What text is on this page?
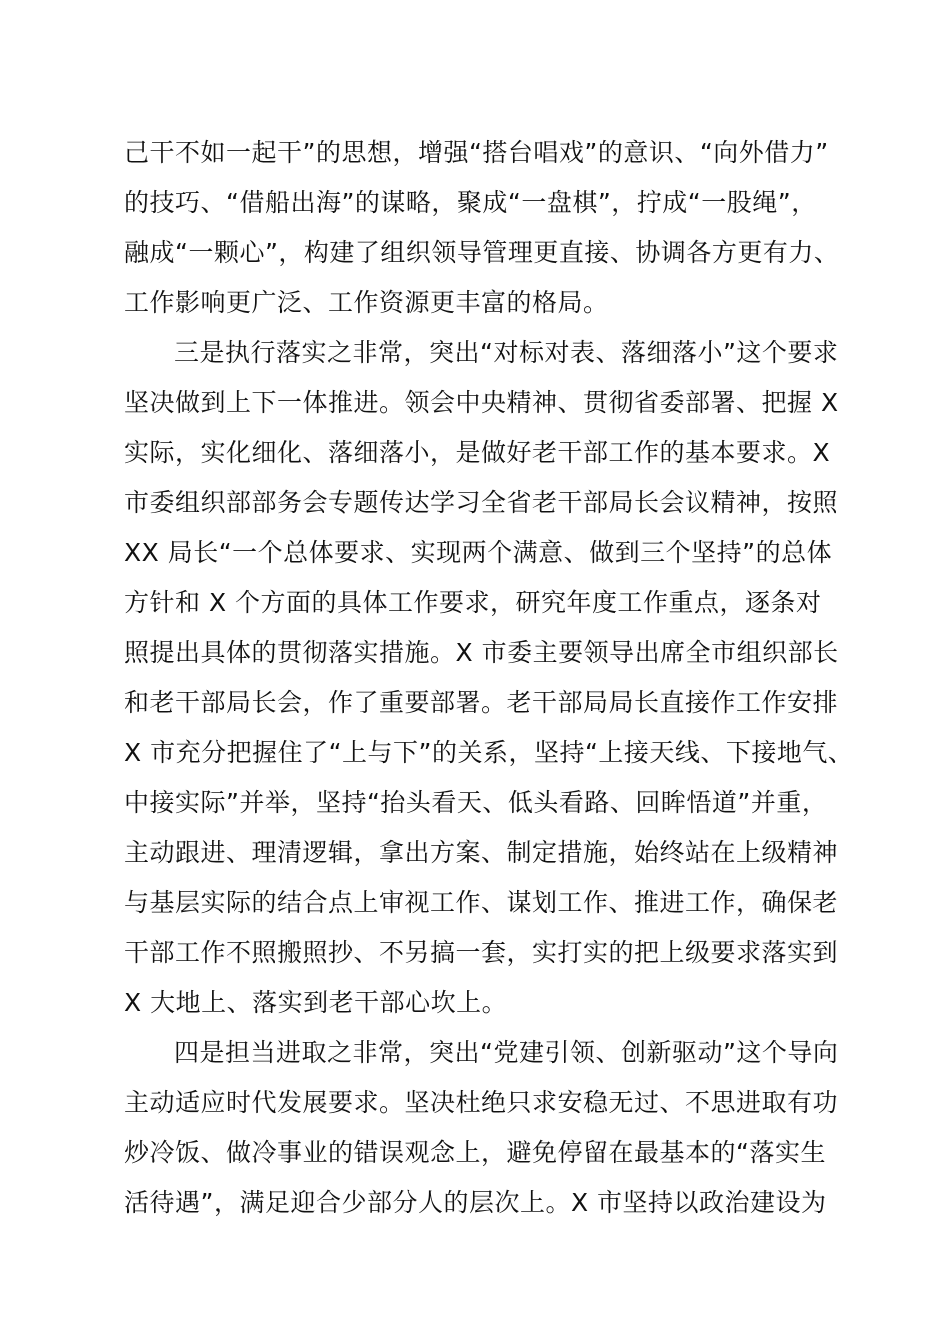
己干不如一起干”的思想，增强“搭台唱戏”的意识、“向外借力”
的技巧、“借船出海”的谋略，聚成“一盘棋”，拧成“一股绳”，
融成“一颗心”，构建了组织领导管理更直接、协调各方更有力、
工作影响更广泛、工作资源更丰富的格局。
三是执行落实之非常，突出“对标对表、落细落小”这个要求
坚决做到上下一体推进。领会中央精神、贯彻省委部署、把握 X
实际，实化细化、落细落小，是做好老干部工作的基本要求。X
市委组织部部务会专题传达学习全省老干部局长会议精神，按照
XX 局长“一个总体要求、实现两个满意、做到三个坚持”的总体
方针和 X 个方面的具体工作要求，研究年度工作重点，逐条对
照提出具体的贯彻落实措施。X 市委主要领导出席全市组织部长
和老干部局长会，作了重要部署。老干部局局长直接作工作安排
X 市充分把握住了“上与下”的关系，坚持“上接天线、下接地气、
中接实际”并举，坚持“抬头看天、低头看路、回眸悟道”并重，
主动跟进、理清逻辑，拿出方案、制定措施，始终站在上级精神
与基层实际的结合点上审视工作、谋划工作、推进工作，确保老
干部工作不照搬照抄、不另搞一套，实打实的把上级要求落实到
X 大地上、落实到老干部心坎上。
四是担当进取之非常，突出“党建引领、创新驱动”这个导向
主动适应时代发展要求。坚决杜绝只求安稳无过、不思进取有功
炒冷饭、做冷事业的错误观念上，避免停留在最基本的“落实生
活待遇”，满足迎合少部分人的层次上。X 市坚持以政治建设为
